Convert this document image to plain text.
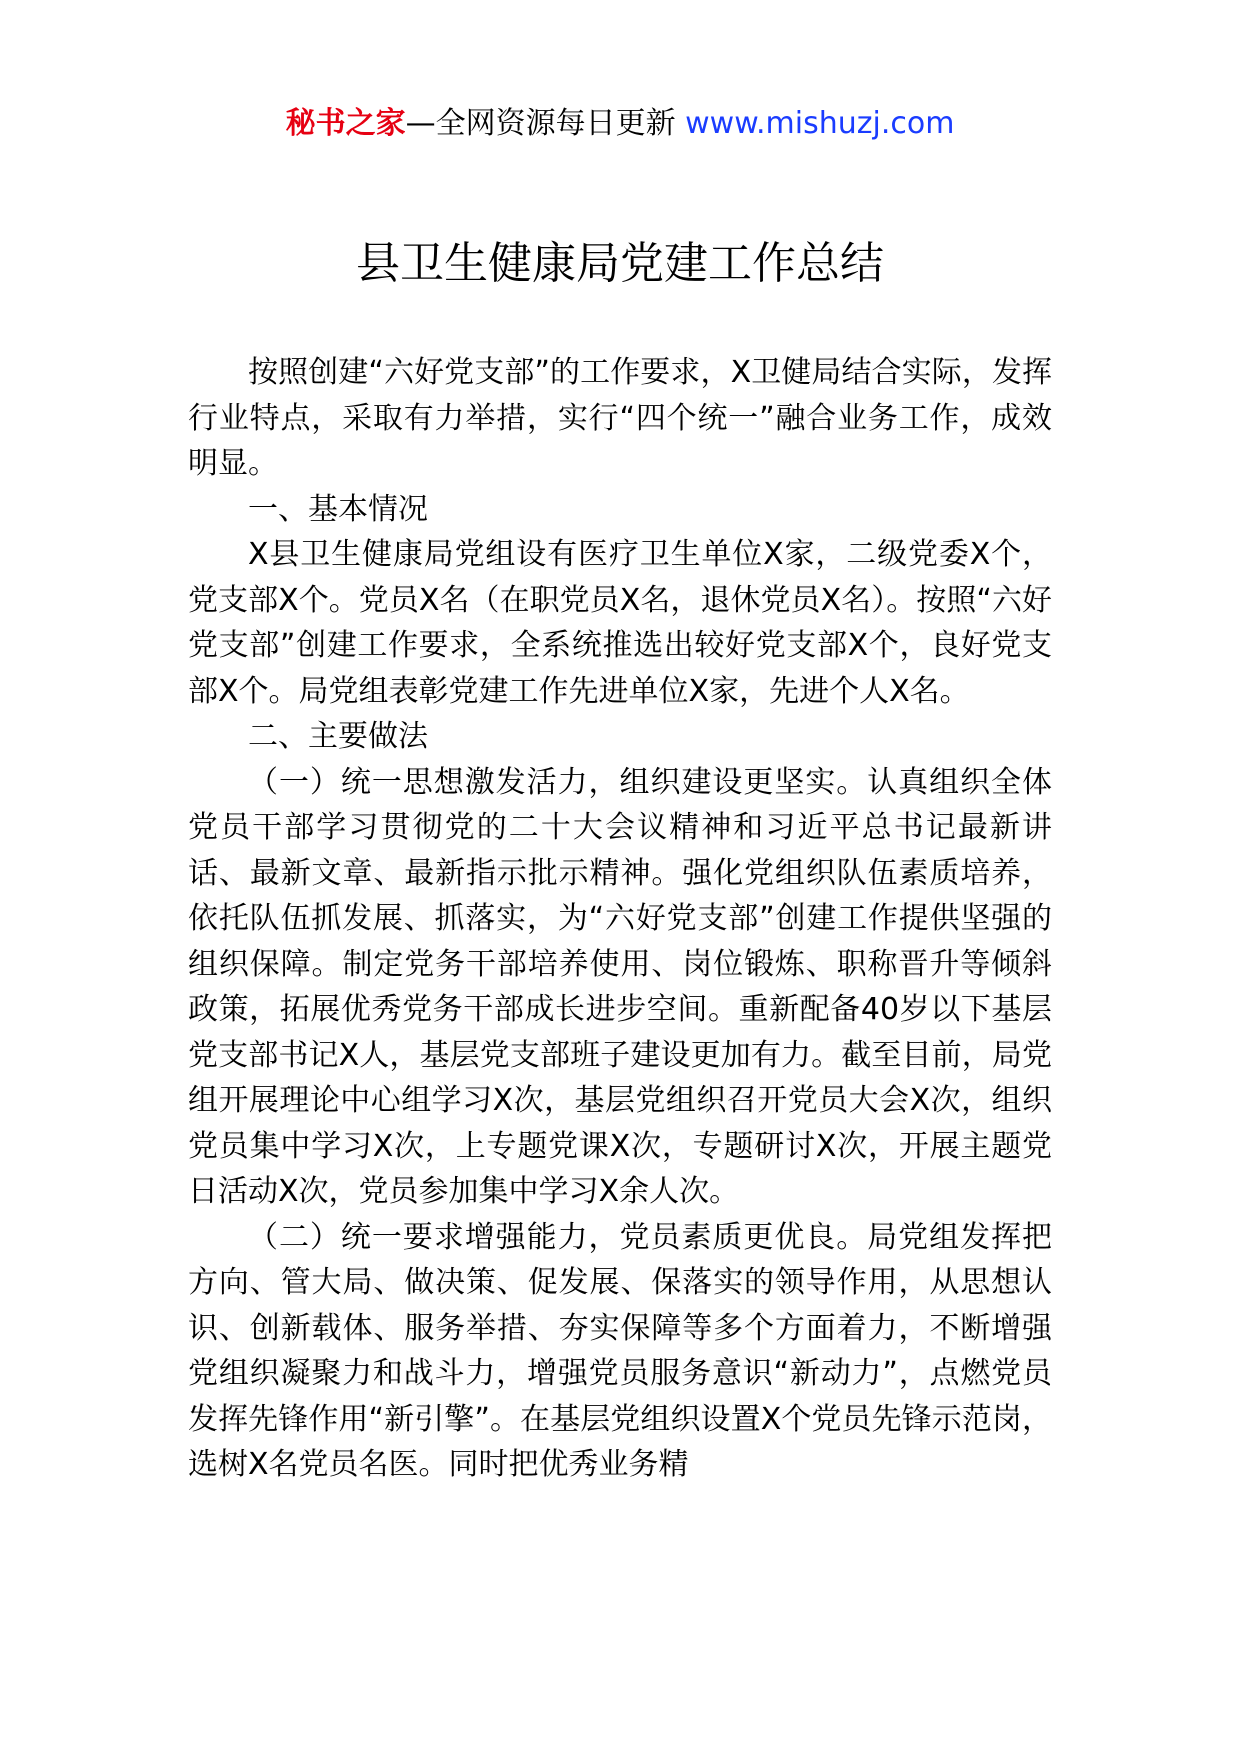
秘书之家—全网资源每日更新 www.mishuzj.com
县卫生健康局党建工作总结

按照创建“六好党支部”的工作要求，X卫健局结合实际，发挥行业特点，采取有力举措，实行“四个统一”融合业务工作，成效明显。

一、基本情况

X县卫生健康局党组设有医疗卫生单位X家，二级党委X个，党支部X个。党员X名（在职党员X名，退休党员X名）。按照“六好党支部”创建工作要求，全系统推选出较好党支部X个，良好党支部X个。局党组表彰党建工作先进单位X家，先进个人X名。

二、主要做法

（一）统一思想激发活力，组织建设更坚实。认真组织全体党员干部学习贯彻党的二十大会议精神和习近平总书记最新讲话、最新文章、最新指示批示精神。强化党组织队伍素质培养，依托队伍抓发展、抓落实，为“六好党支部”创建工作提供坚强的组织保障。制定党务干部培养使用、岗位锻炼、职称晋升等倾斜政策，拓展优秀党务干部成长进步空间。重新配备40岁以下基层党支部书记X人，基层党支部班子建设更加有力。截至目前，局党组开展理论中心组学习X次，基层党组织召开党员大会X次，组织党员集中学习X次，上专题党课X次，专题研讨X次，开展主题党日活动X次，党员参加集中学习X余人次。

（二）统一要求增强能力，党员素质更优良。局党组发挥把方向、管大局、做决策、促发展、保落实的领导作用，从思想认识、创新载体、服务举措、夯实保障等多个方面着力，不断增强党组织凝聚力和战斗力，增强党员服务意识“新动力”，点燃党员发挥先锋作用“新引擎”。在基层党组织设置X个党员先锋示范岗，选树X名党员名医。同时把优秀业务精
